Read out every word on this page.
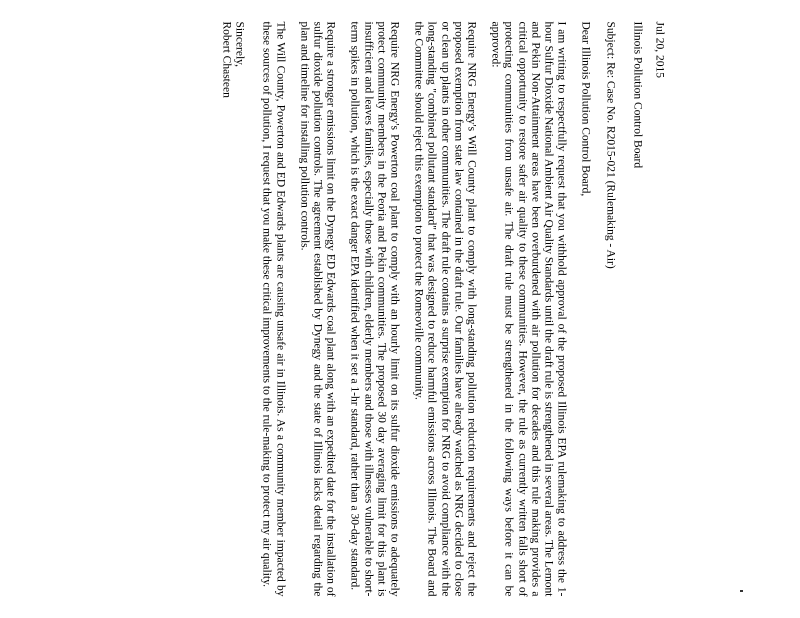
Jul 20, 2015

Illinois Pollution Control Board

Subject: Re: Case No. R2015-021 (Rulemaking - Air)

Dear Illinois Pollution Control Board,

I am writing to respectfully request that you withhold approval of the proposed Illinois EPA rulemaking to address the 1-hour Sulfur Dioxide National Ambient Air Quality Standards until the draft rule is strengthened in several areas. The Lemont and Pekin Non-Attainment areas have been overburdened with air pollution for decades and this rule making provides a critical opportunity to restore safer air quality to these communities. However, the rule as currently written falls short of protecting communities from unsafe air. The draft rule must be strengthened in the following ways before it can be approved:

Require NRG Energy's Will County plant to comply with long-standing pollution reduction requirements and reject the proposed exemption from state law contained in the draft rule. Our families have already watched as NRG decided to close or clean up plants in other communities. The draft rule contains a surprise exemption for NRG to avoid compliance with the long-standing "combined pollutant standard" that was designed to reduce harmful emissions across Illinois. The Board and the Committee should reject this exemption to protect the Romeoville community.

Require NRG Energy's Powerton coal plant to comply with an hourly limit on its sulfur dioxide emissions to adequately protect community members in the Peoria and Pekin communities. The proposed 30 day averaging limit for this plant is insufficient and leaves families, especially those with children, elderly members and those with illnesses vulnerable to short-term spikes in pollution, which is the exact danger EPA identified when it set a 1-hr standard, rather than a 30-day standard.

Require a stronger emissions limit on the Dynegy ED Edwards coal plant along with an expedited date for the installation of sulfur dioxide pollution controls. The agreement established by Dynegy and the state of Illinois lacks detail regarding the plan and timeline for installing pollution controls.

The Will County, Powerton and ED Edwards plants are causing unsafe air in Illinois. As a community member impacted by these sources of pollution, I request that you make these critical improvements to the rule-making to protect my air quality.

Sincerely,

Robert Chasteen
